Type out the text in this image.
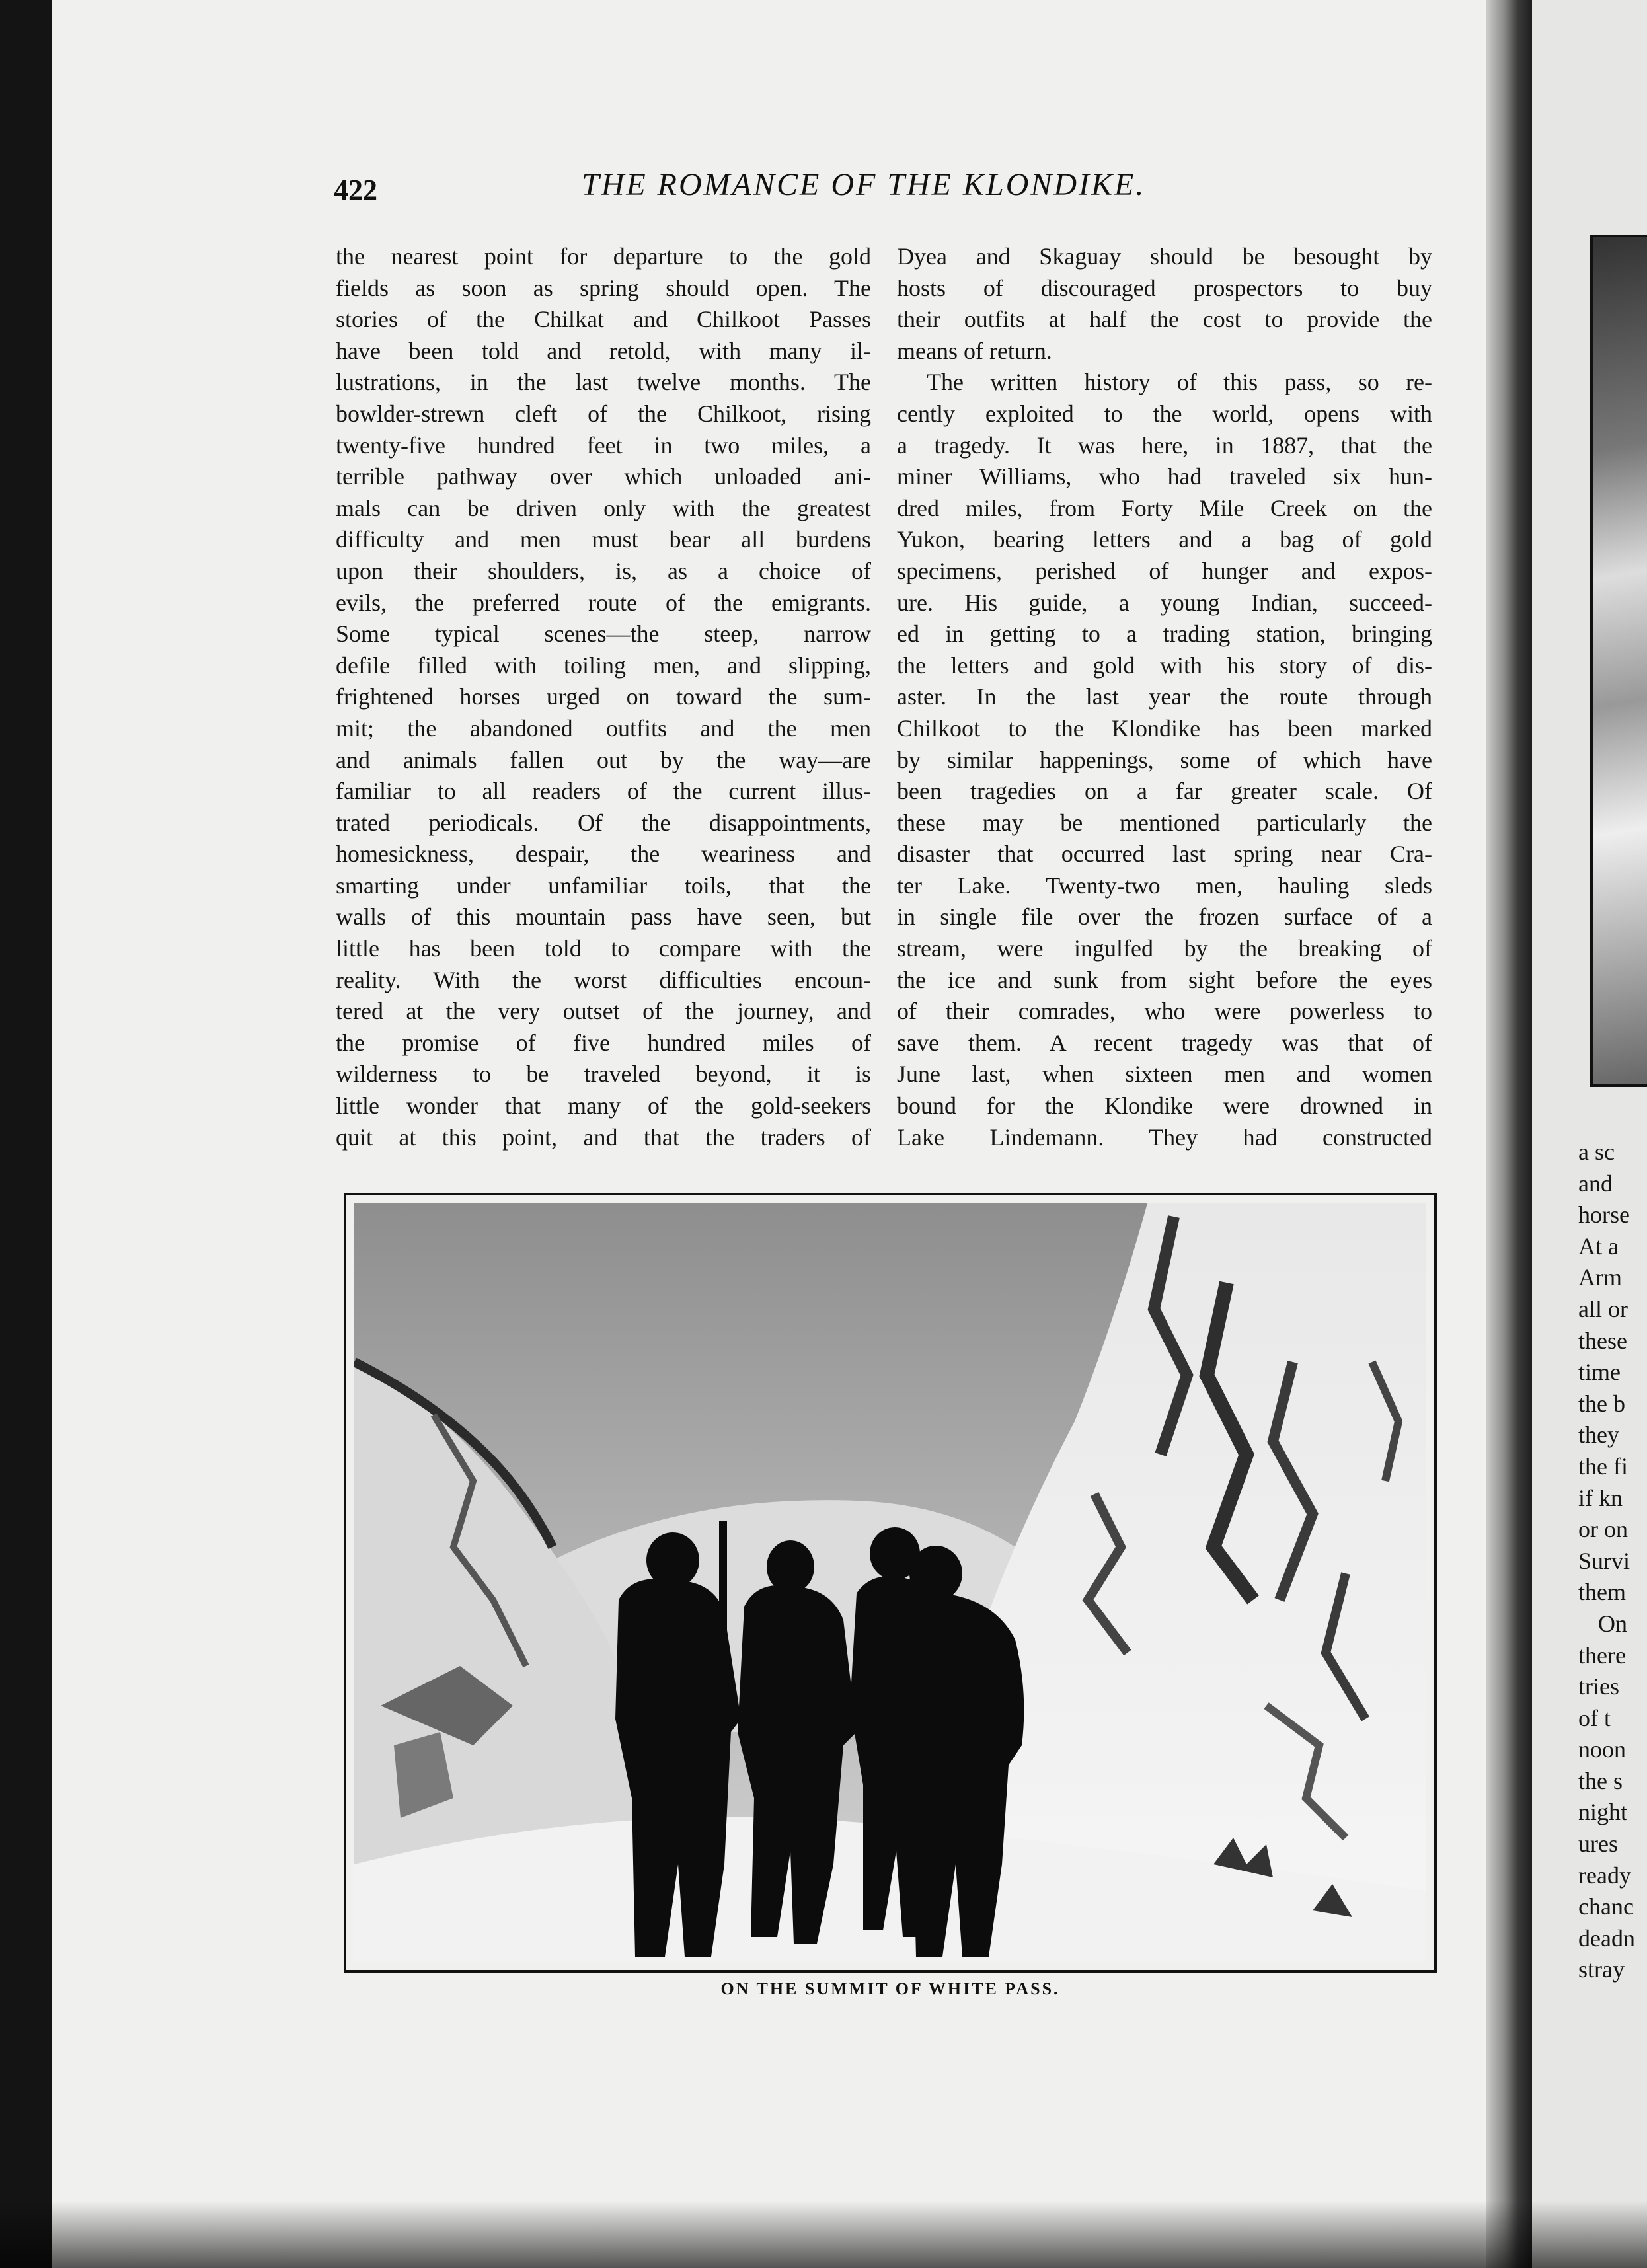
422	THE ROMANCE OF THE KLONDIKE.

the nearest point for departure to the gold
fields as soon as spring should open. The
stories of the Chilkat and Chilkoot Passes
have been told and retold, with many il-
lustrations, in the last twelve months. The
bowlder-strewn cleft of the Chilkoot, rising
twenty-five hundred feet in two miles, a
terrible pathway over which unloaded ani-
mals can be driven only with the greatest
difficulty and men must bear all burdens
upon their shoulders, is, as a choice of
evils, the preferred route of the emigrants.
Some typical scenes—the steep, narrow
defile filled with toiling men, and slipping,
frightened horses urged on toward the sum-
mit; the abandoned outfits and the men
and animals fallen out by the way—are
familiar to all readers of the current illus-
trated periodicals. Of the disappointments,
homesickness, despair, the weariness and
smarting under unfamiliar toils, that the
walls of this mountain pass have seen, but
little has been told to compare with the
reality. With the worst difficulties encoun-
tered at the very outset of the journey, and
the promise of five hundred miles of
wilderness to be traveled beyond, it is
little wonder that many of the gold-seekers
quit at this point, and that the traders of
Dyea and Skaguay should be besought by
hosts of discouraged prospectors to buy
their outfits at half the cost to provide the
means of return.
The written history of this pass, so re-
cently exploited to the world, opens with
a tragedy. It was here, in 1887, that the
miner Williams, who had traveled six hun-
dred miles, from Forty Mile Creek on the
Yukon, bearing letters and a bag of gold
specimens, perished of hunger and expos-
ure. His guide, a young Indian, succeed-
ed in getting to a trading station, bringing
the letters and gold with his story of dis-
aster. In the last year the route through
Chilkoot to the Klondike has been marked
by similar happenings, some of which have
been tragedies on a far greater scale. Of
these may be mentioned particularly the
disaster that occurred last spring near Cra-
ter Lake. Twenty-two men, hauling sleds
in single file over the frozen surface of a
stream, were ingulfed by the breaking of
the ice and sunk from sight before the eyes
of their comrades, who were powerless to
save them. A recent tragedy was that of
June last, when sixteen men and women
bound for the Klondike were drowned in
Lake Lindemann. They had constructed

ON THE SUMMIT OF WHITE PASS.

a sc
and
horse
At a
Arm
all or
these
time
the b
they
the fi
if kn
or on
Survi
them
On
there
tries
of t
noon
the s
night
ures
ready
chanc
deadn
stray
